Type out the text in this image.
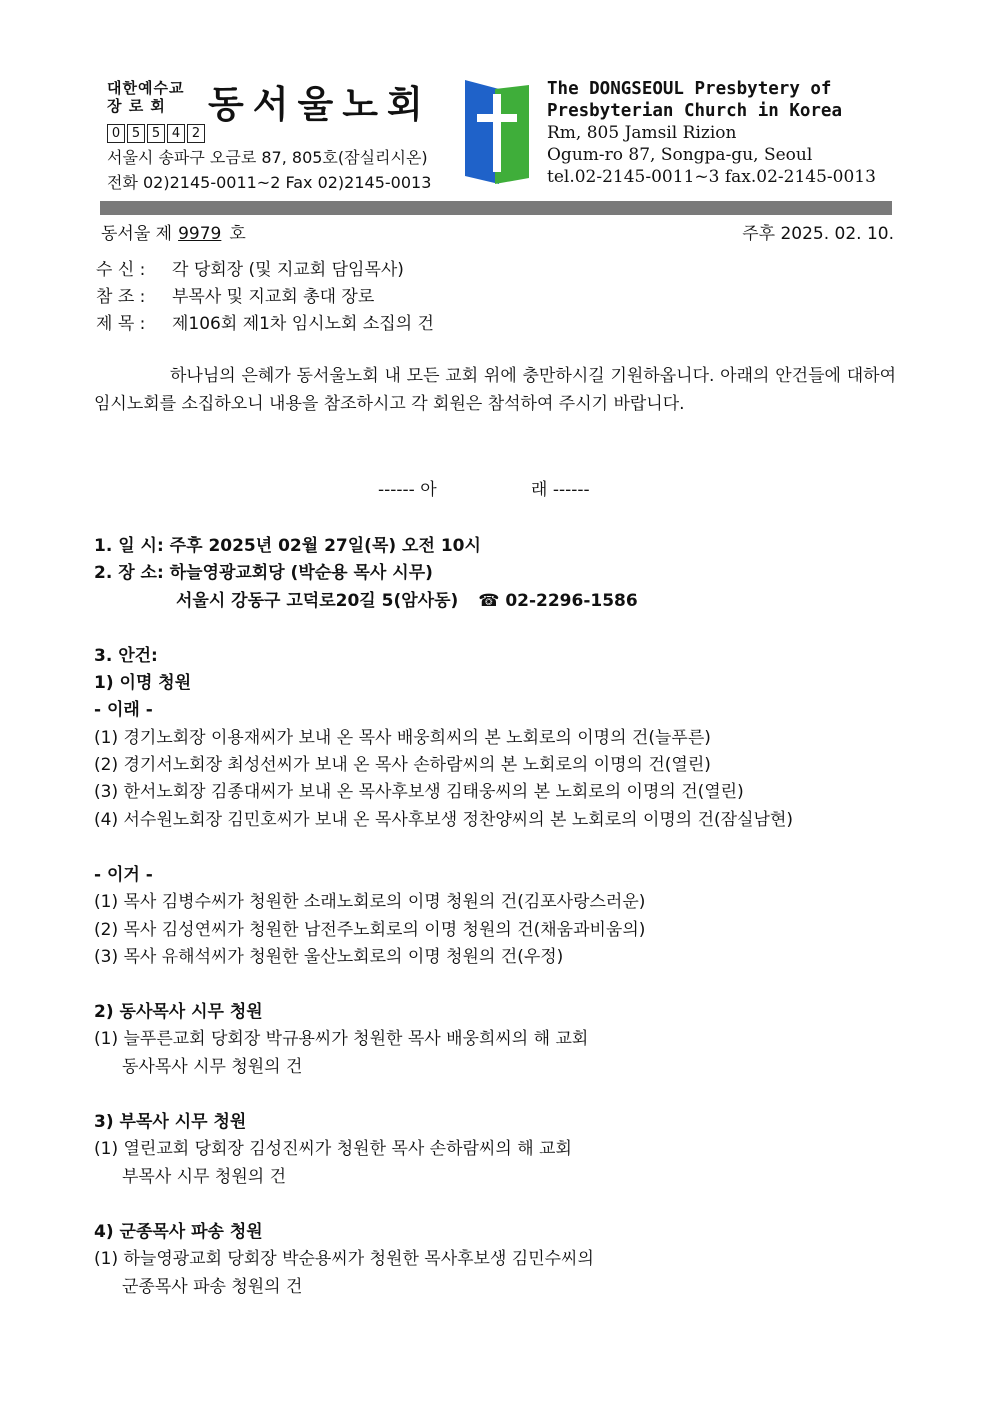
대한예수교
장 로 회 동서울노회
0 5 5 4 2
서울시 송파구 오금로 87, 805호(잠실리시온)
전화 02)2145-0011~2 Fax 02)2145-0013
The DONGSEOUL Presbytery of
Presbyterian Church in Korea
Rm, 805 Jamsil Rizion
Ogum-ro 87, Songpa-gu, Seoul
tel.02-2145-0011~3 fax.02-2145-0013
동서울 제 9979 호	주후 2025. 02. 10.
수 신 : 각 당회장 (및 지교회 담임목사)
참 조 : 부목사 및 지교회 총대 장로
제 목 : 제106회 제1차 임시노회 소집의 건
하나님의 은혜가 동서울노회 내 모든 교회 위에 충만하시길 기원하옵니다. 아래의 안건들에 대하여 임시노회를 소집하오니 내용을 참조하시고 각 회원은 참석하여 주시기 바랍니다.
------ 아	래 ------
1. 일 시: 주후 2025년 02월 27일(목) 오전 10시
2. 장 소: 하늘영광교회당 (박순용 목사 시무)
서울시 강동구 고덕로20길 5(암사동) ☎ 02-2296-1586
3. 안건:
1) 이명 청원
- 이래 -
(1) 경기노회장 이용재씨가 보내 온 목사 배웅희씨의 본 노회로의 이명의 건(늘푸른)
(2) 경기서노회장 최성선씨가 보내 온 목사 손하람씨의 본 노회로의 이명의 건(열린)
(3) 한서노회장 김종대씨가 보내 온 목사후보생 김태웅씨의 본 노회로의 이명의 건(열린)
(4) 서수원노회장 김민호씨가 보내 온 목사후보생 정찬양씨의 본 노회로의 이명의 건(잠실남현)
- 이거 -
(1) 목사 김병수씨가 청원한 소래노회로의 이명 청원의 건(김포사랑스러운)
(2) 목사 김성연씨가 청원한 남전주노회로의 이명 청원의 건(채움과비움의)
(3) 목사 유해석씨가 청원한 울산노회로의 이명 청원의 건(우정)
2) 동사목사 시무 청원
(1) 늘푸른교회 당회장 박규용씨가 청원한 목사 배웅희씨의 해 교회
동사목사 시무 청원의 건
3) 부목사 시무 청원
(1) 열린교회 당회장 김성진씨가 청원한 목사 손하람씨의 해 교회
부목사 시무 청원의 건
4) 군종목사 파송 청원
(1) 하늘영광교회 당회장 박순용씨가 청원한 목사후보생 김민수씨의
군종목사 파송 청원의 건
